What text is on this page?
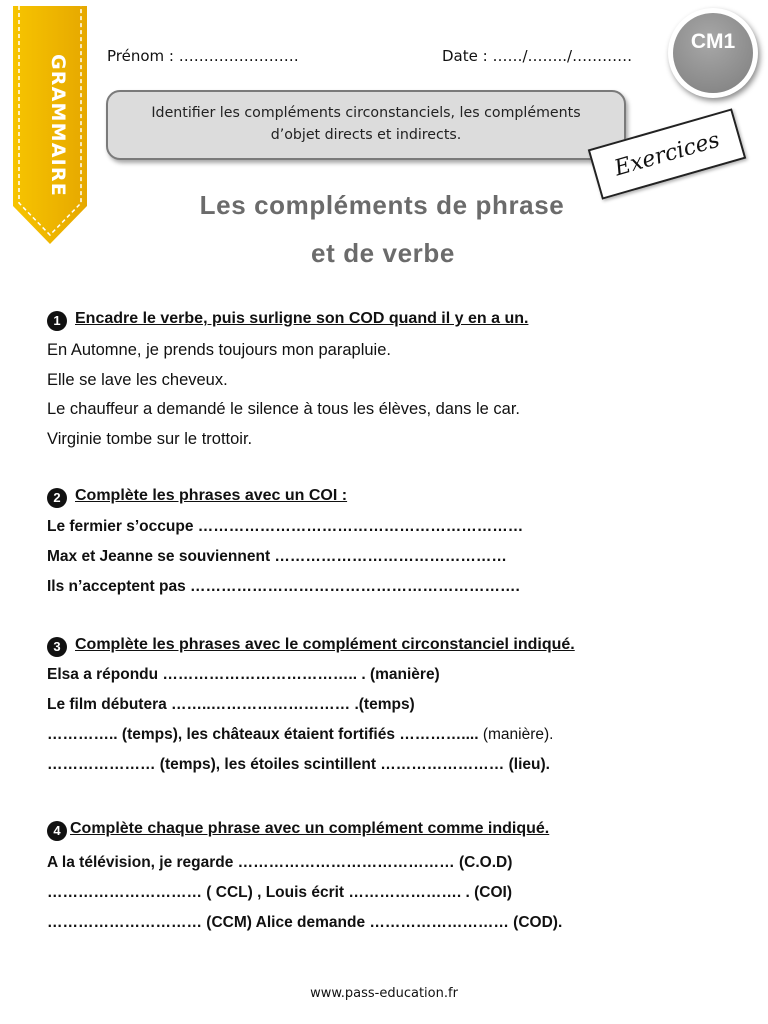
GRAMMAIRE	Prénom : ……………………	Date : ……/……../…………
CM1
Identifier les compléments circonstanciels, les compléments
d’objet directs et indirects.	Exercices
Les compléments de phrase
et de verbe
1 Encadre le verbe, puis surligne son COD quand il y en a un.
En Automne, je prends toujours mon parapluie.
Elle se lave les cheveux.
Le chauffeur a demandé le silence à tous les élèves, dans le car.
Virginie tombe sur le trottoir.
2 Complète les phrases avec un COI :
Le fermier s’occupe ………………………………………………………
Max et Jeanne se souviennent ………………………………………
Ils n’acceptent pas ……………………………………………………….
3 Complète les phrases avec le complément circonstanciel indiqué.
Elsa a répondu ……………………………….. . (manière)
Le film débutera ……..……………………… .(temps)
………….. (temps), les châteaux étaient fortifiés ………….... (manière).
………………… (temps), les étoiles scintillent …………………… (lieu).
4 Complète chaque phrase avec un complément comme indiqué.
A la télévision, je regarde …………………………………… (C.O.D)
………………………… ( CCL) , Louis écrit …………………. . (COI)
………………………… (CCM) Alice demande ……………………… (COD).
www.pass-education.fr
